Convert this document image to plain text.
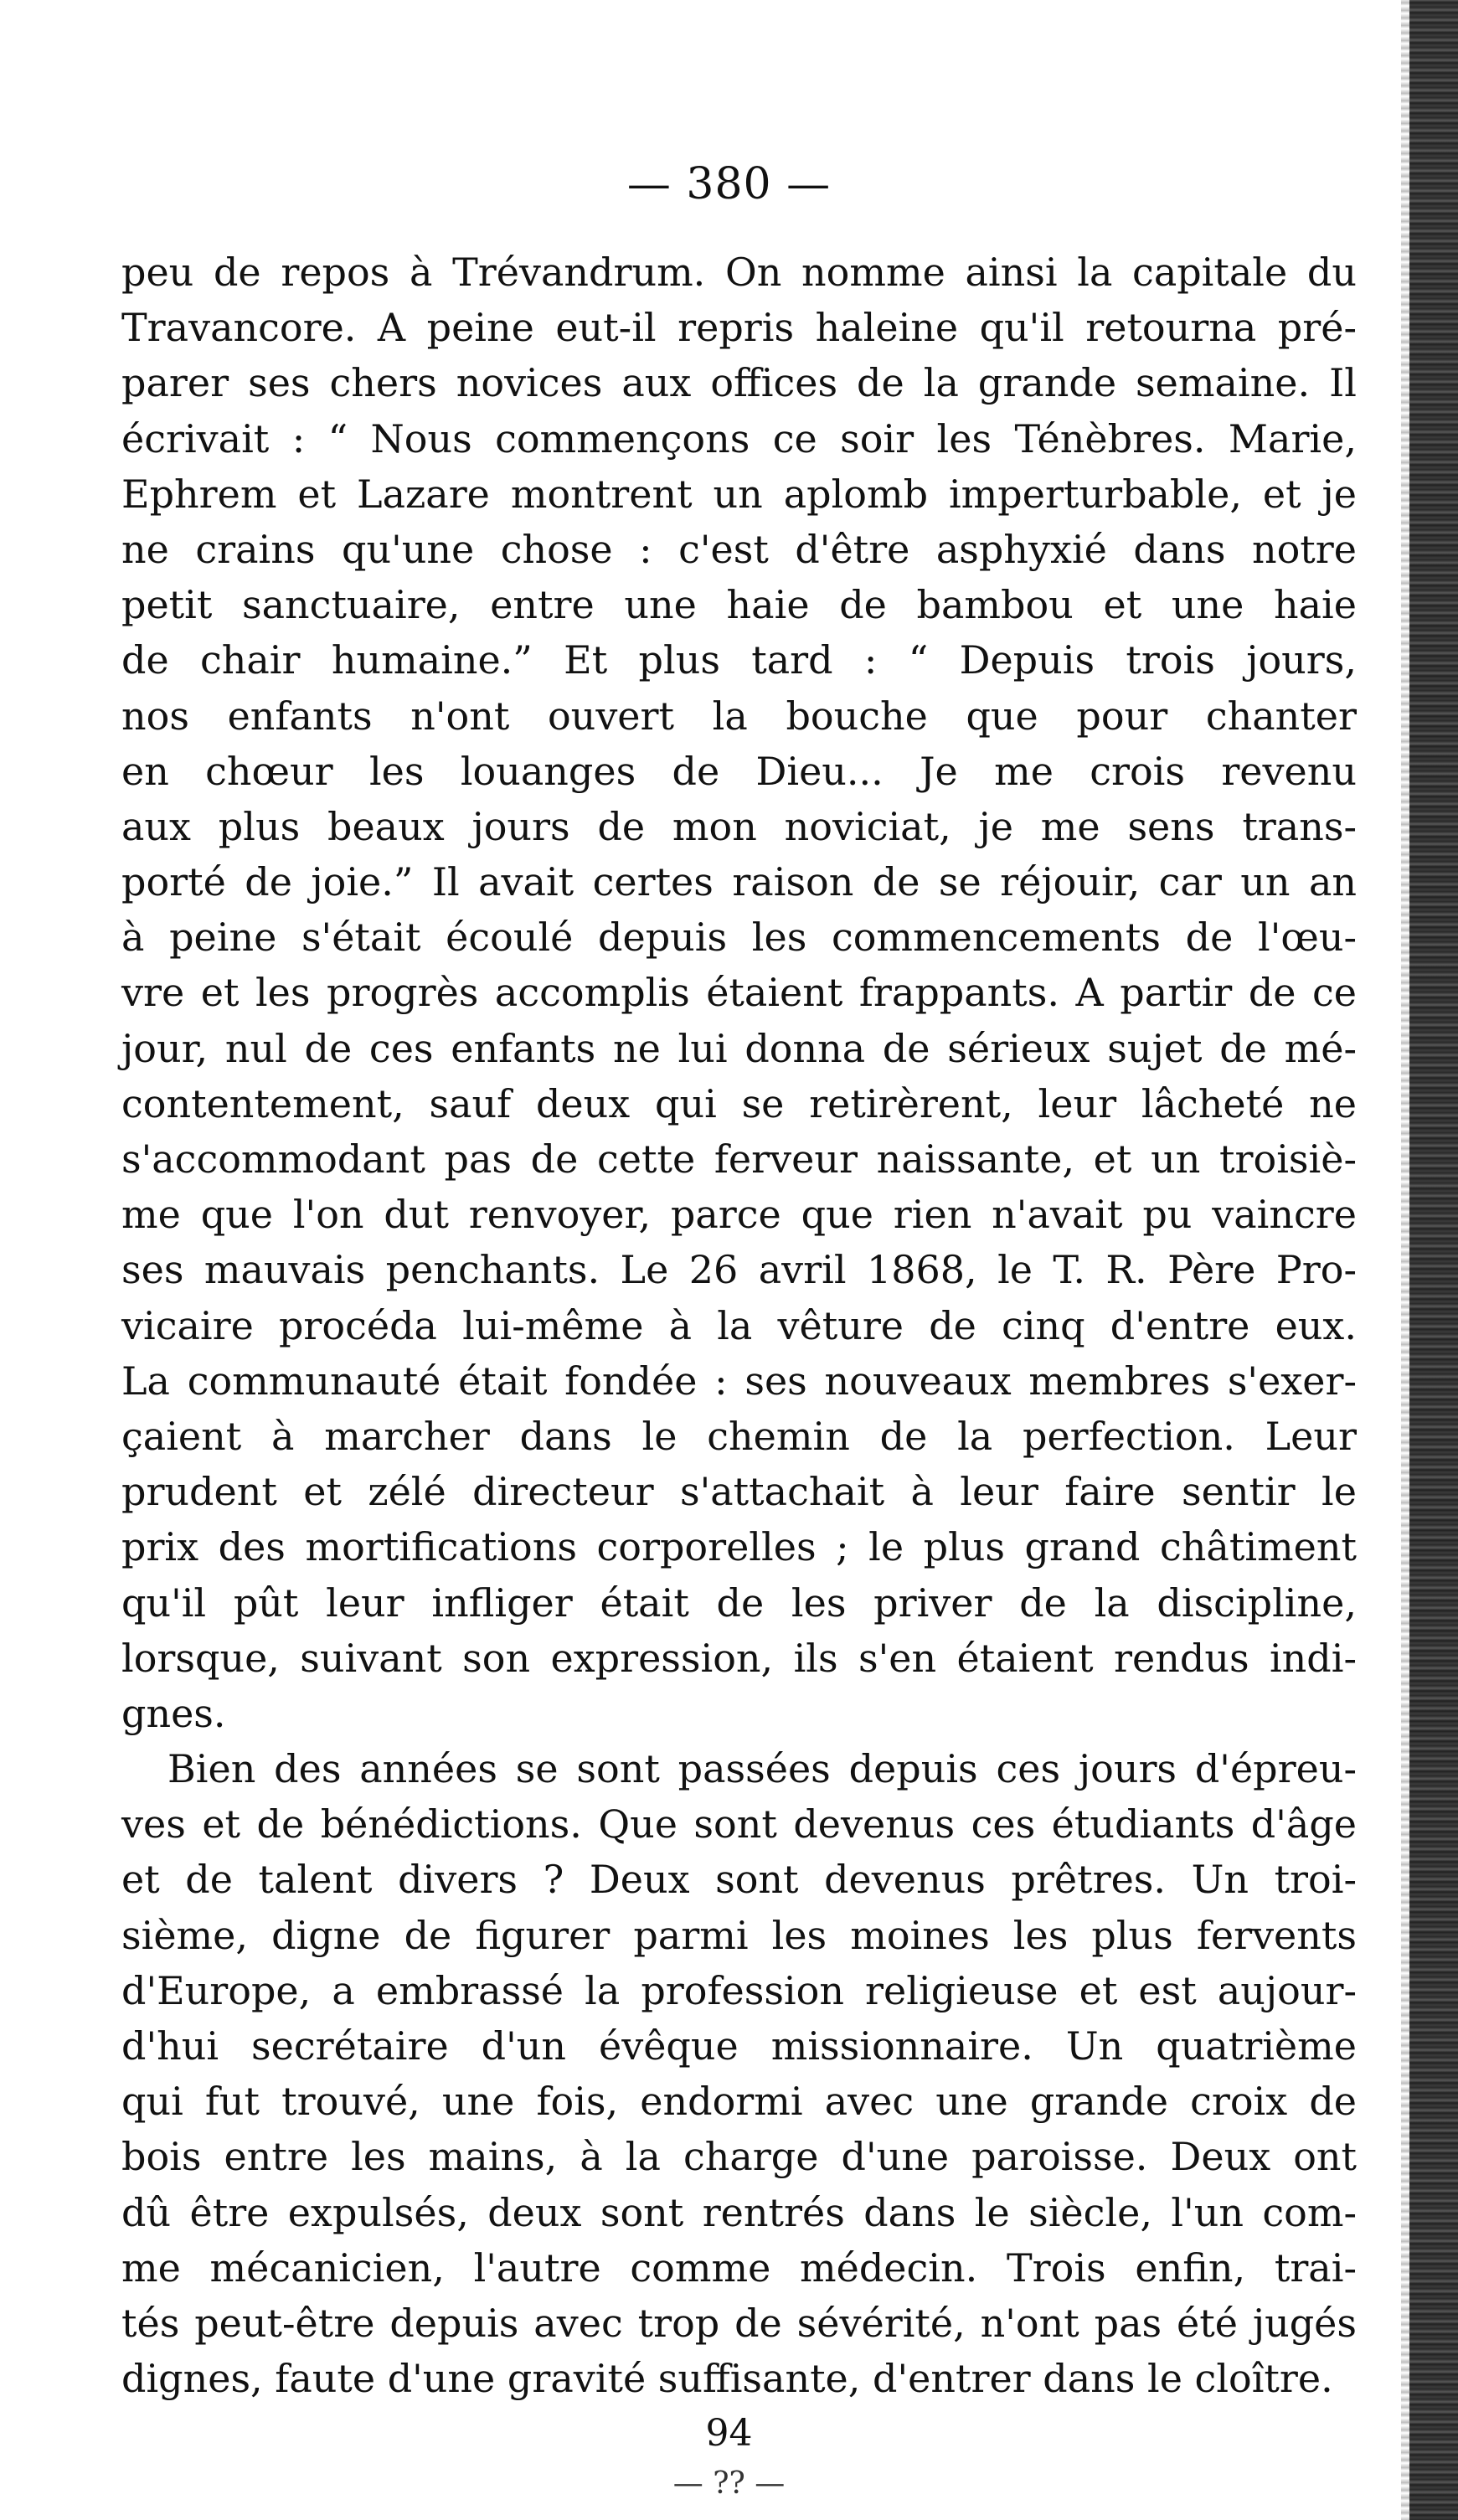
— 380 —
peu de repos à Trévandrum. On nomme ainsi la capitale du
Travancore. A peine eut-il repris haleine qu'il retourna pré-
parer ses chers novices aux offices de la grande semaine. Il
écrivait : “ Nous commençons ce soir les Ténèbres. Marie,
Ephrem et Lazare montrent un aplomb imperturbable, et je
ne crains qu'une chose : c'est d'être asphyxié dans notre
petit sanctuaire, entre une haie de bambou et une haie
de chair humaine.” Et plus tard : “ Depuis trois jours,
nos enfants n'ont ouvert la bouche que pour chanter
en chœur les louanges de Dieu... Je me crois revenu
aux plus beaux jours de mon noviciat, je me sens trans-
porté de joie.” Il avait certes raison de se réjouir, car un an
à peine s'était écoulé depuis les commencements de l'œu-
vre et les progrès accomplis étaient frappants. A partir de ce
jour, nul de ces enfants ne lui donna de sérieux sujet de mé-
contentement, sauf deux qui se retirèrent, leur lâcheté ne
s'accommodant pas de cette ferveur naissante, et un troisiè-
me que l'on dut renvoyer, parce que rien n'avait pu vaincre
ses mauvais penchants. Le 26 avril 1868, le T. R. Père Pro-
vicaire procéda lui-même à la vêture de cinq d'entre eux.
La communauté était fondée : ses nouveaux membres s'exer-
çaient à marcher dans le chemin de la perfection. Leur
prudent et zélé directeur s'attachait à leur faire sentir le
prix des mortifications corporelles ; le plus grand châtiment
qu'il pût leur infliger était de les priver de la discipline,
lorsque, suivant son expression, ils s'en étaient rendus indi-
gnes.
Bien des années se sont passées depuis ces jours d'épreu-
ves et de bénédictions. Que sont devenus ces étudiants d'âge
et de talent divers ? Deux sont devenus prêtres. Un troi-
sième, digne de figurer parmi les moines les plus fervents
d'Europe, a embrassé la profession religieuse et est aujour-
d'hui secrétaire d'un évêque missionnaire. Un quatrième
qui fut trouvé, une fois, endormi avec une grande croix de
bois entre les mains, à la charge d'une paroisse. Deux ont
dû être expulsés, deux sont rentrés dans le siècle, l'un com-
me mécanicien, l'autre comme médecin. Trois enfin, trai-
tés peut-être depuis avec trop de sévérité, n'ont pas été jugés
dignes, faute d'une gravité suffisante, d'entrer dans le cloître.
94
— ?? —
